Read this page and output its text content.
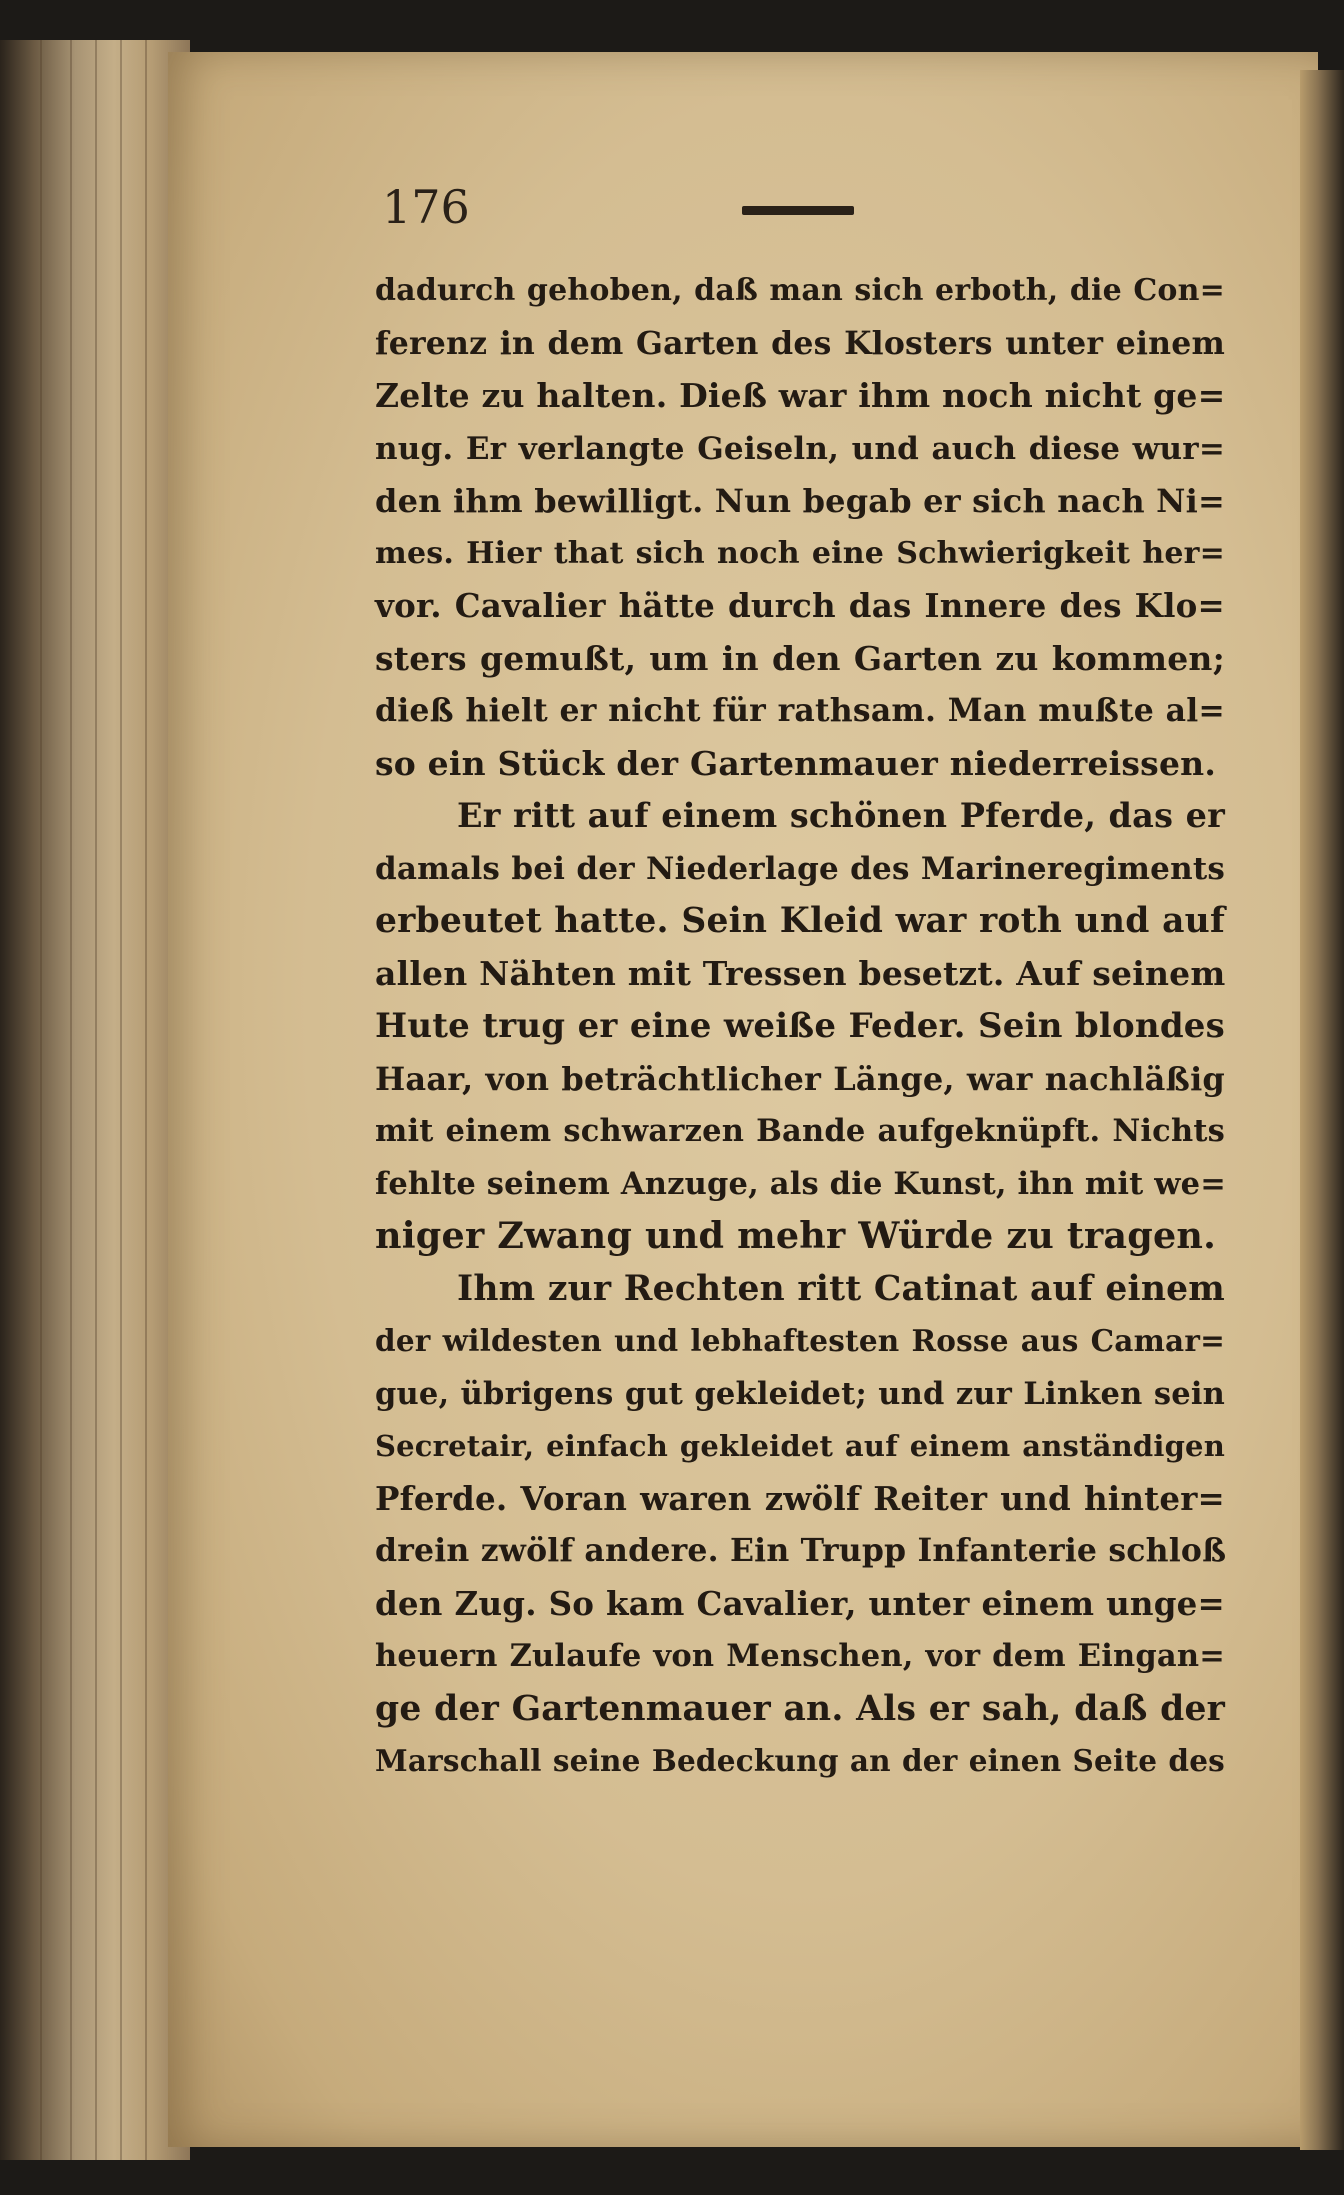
176
dadurch gehoben, daß man sich erboth, die Con=
ferenz in dem Garten des Klosters unter einem
Zelte zu halten. Dieß war ihm noch nicht ge=
nug. Er verlangte Geiseln, und auch diese wur=
den ihm bewilligt. Nun begab er sich nach Ni=
mes. Hier that sich noch eine Schwierigkeit her=
vor. Cavalier hätte durch das Innere des Klo=
sters gemußt, um in den Garten zu kommen;
dieß hielt er nicht für rathsam. Man mußte al=
so ein Stück der Gartenmauer niederreissen.
Er ritt auf einem schönen Pferde, das er
damals bei der Niederlage des Marineregiments
erbeutet hatte. Sein Kleid war roth und auf
allen Nähten mit Tressen besetzt. Auf seinem
Hute trug er eine weiße Feder. Sein blondes
Haar, von beträchtlicher Länge, war nachläßig
mit einem schwarzen Bande aufgeknüpft. Nichts
fehlte seinem Anzuge, als die Kunst, ihn mit we=
niger Zwang und mehr Würde zu tragen.
Ihm zur Rechten ritt Catinat auf einem
der wildesten und lebhaftesten Rosse aus Camar=
gue, übrigens gut gekleidet; und zur Linken sein
Secretair, einfach gekleidet auf einem anständigen
Pferde. Voran waren zwölf Reiter und hinter=
drein zwölf andere. Ein Trupp Infanterie schloß
den Zug. So kam Cavalier, unter einem unge=
heuern Zulaufe von Menschen, vor dem Eingan=
ge der Gartenmauer an. Als er sah, daß der
Marschall seine Bedeckung an der einen Seite des
